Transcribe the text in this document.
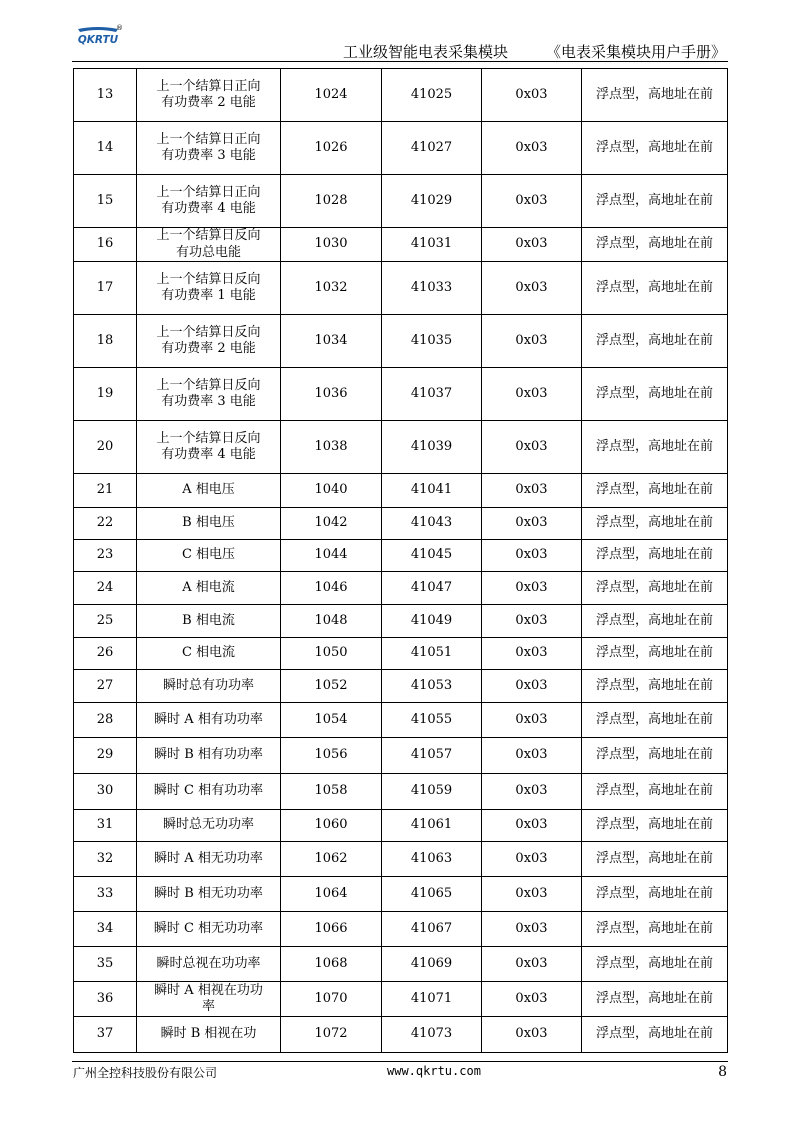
QKRTU
®
工业级智能电表采集模块	《电表采集模块用户手册》
13	上一个结算日正向有功费率 2 电能	1024	41025	0x03	浮点型，高地址在前
14	上一个结算日正向有功费率 3 电能	1026	41027	0x03	浮点型，高地址在前
15	上一个结算日正向有功费率 4 电能	1028	41029	0x03	浮点型，高地址在前
16	上一个结算日反向有功总电能	1030	41031	0x03	浮点型，高地址在前
17	上一个结算日反向有功费率 1 电能	1032	41033	0x03	浮点型，高地址在前
18	上一个结算日反向有功费率 2 电能	1034	41035	0x03	浮点型，高地址在前
19	上一个结算日反向有功费率 3 电能	1036	41037	0x03	浮点型，高地址在前
20	上一个结算日反向有功费率 4 电能	1038	41039	0x03	浮点型，高地址在前
21	A 相电压	1040	41041	0x03	浮点型，高地址在前
22	B 相电压	1042	41043	0x03	浮点型，高地址在前
23	C 相电压	1044	41045	0x03	浮点型，高地址在前
24	A 相电流	1046	41047	0x03	浮点型，高地址在前
25	B 相电流	1048	41049	0x03	浮点型，高地址在前
26	C 相电流	1050	41051	0x03	浮点型，高地址在前
27	瞬时总有功功率	1052	41053	0x03	浮点型，高地址在前
28	瞬时 A 相有功功率	1054	41055	0x03	浮点型，高地址在前
29	瞬时 B 相有功功率	1056	41057	0x03	浮点型，高地址在前
30	瞬时 C 相有功功率	1058	41059	0x03	浮点型，高地址在前
31	瞬时总无功功率	1060	41061	0x03	浮点型，高地址在前
32	瞬时 A 相无功功率	1062	41063	0x03	浮点型，高地址在前
33	瞬时 B 相无功功率	1064	41065	0x03	浮点型，高地址在前
34	瞬时 C 相无功功率	1066	41067	0x03	浮点型，高地址在前
35	瞬时总视在功功率	1068	41069	0x03	浮点型，高地址在前
36	瞬时 A 相视在功功率	1070	41071	0x03	浮点型，高地址在前
37	瞬时 B 相视在功	1072	41073	0x03	浮点型，高地址在前
广州全控科技股份有限公司	www.qkrtu.com	8
